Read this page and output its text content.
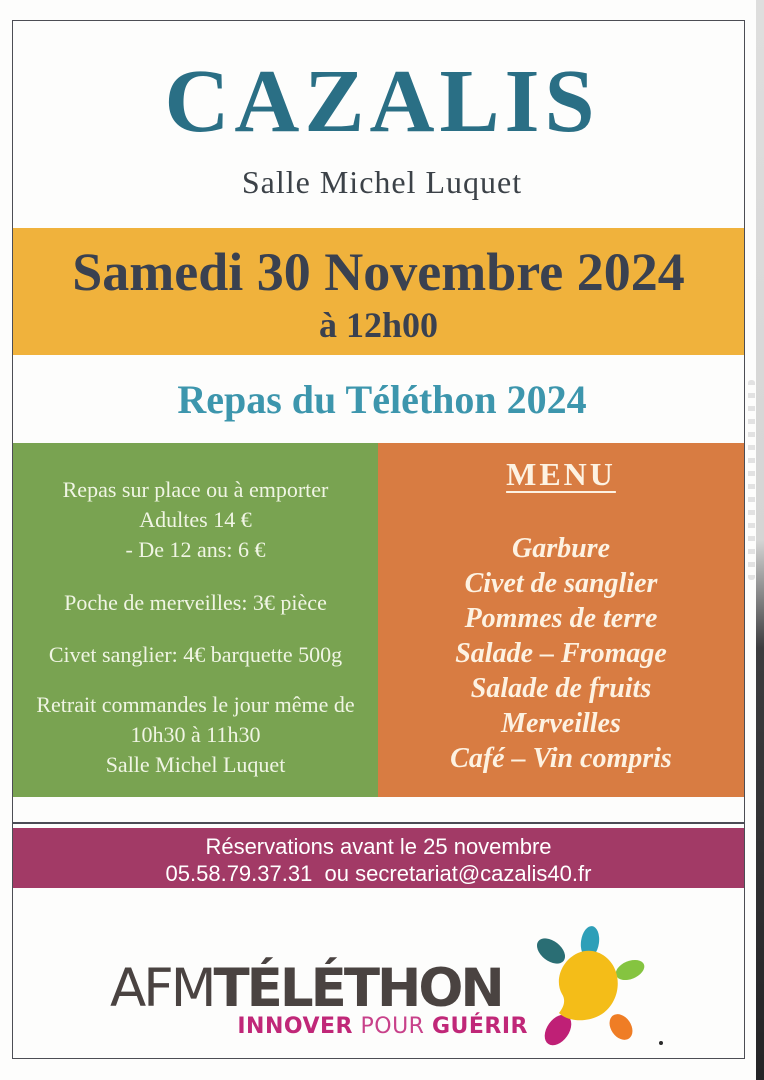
CAZALIS
Salle Michel Luquet
Samedi 30 Novembre 2024
à 12h00
Repas du Téléthon 2024
Repas sur place ou à emporter
Adultes 14 €
- De 12 ans: 6 €
Poche de merveilles: 3€ pièce
Civet sanglier: 4€ barquette 500g
Retrait commandes le jour même de
10h30 à 11h30
Salle Michel Luquet
MENU
Garbure
Civet de sanglier
Pommes de terre
Salade – Fromage
Salade de fruits
Merveilles
Café – Vin compris
Réservations avant le 25 novembre
05.58.79.37.31  ou secretariat@cazalis40.fr
AFMTÉLÉTHON
INNOVER POUR GUÉRIR
